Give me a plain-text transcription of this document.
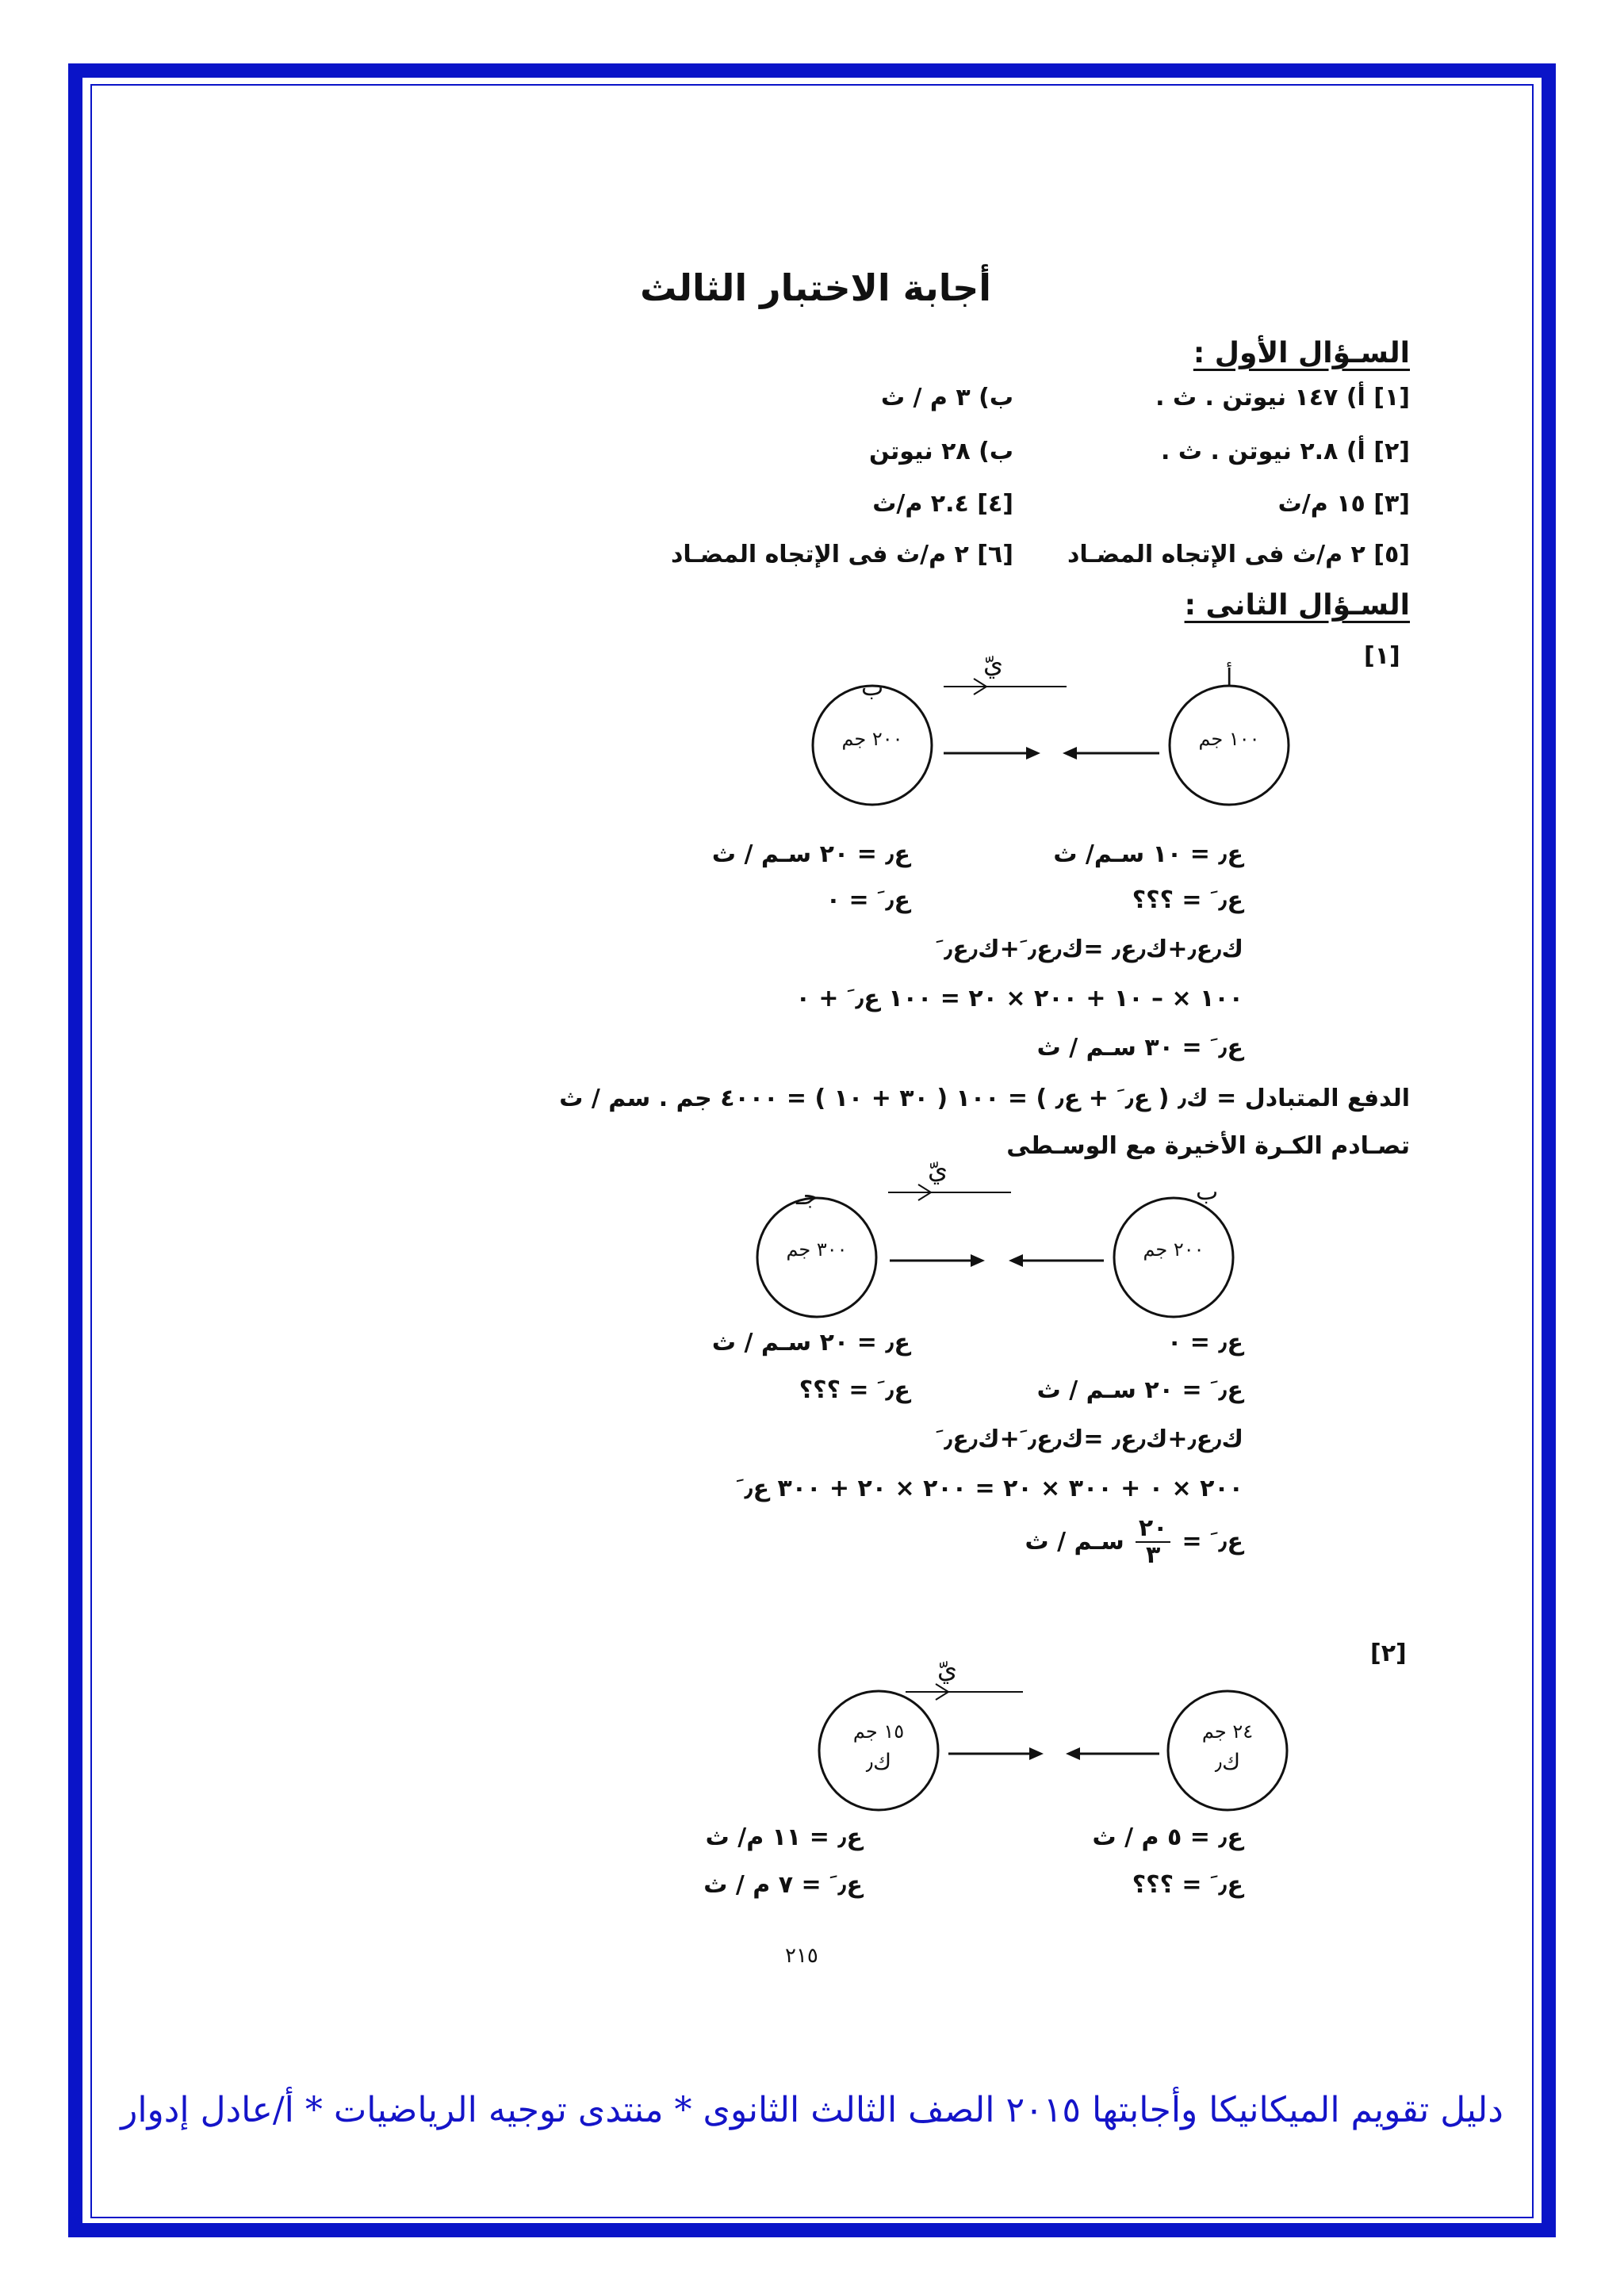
أجابة الاختبار الثالث
السـؤال الأول :
[١] أ) ١٤٧ نيوتن . ث .
ب) ٣ م / ث
[٢] أ) ٢.٨ نيوتن . ث .
ب) ٢٨ نيوتن
[٣] ١٥ م/ث
[٤] ٢.٤ م/ث
[٥] ٢ م/ث فى الإتجاه المضـاد
[٦] ٢ م/ث فى الإتجاه المضـاد
السـؤال الثانى :
[١]
يّ
ب	أ
٢٠٠ جم	١٠٠ جم
ع٫ = ٢٠ سـم / ث	ع٫ = ١٠ سـم/ ث
ع٫ َ = ٠	ع٫ َ = ؟؟؟
ك٫ع٫+ك٫ع٫ =ك٫ع٫ َ+ك٫ع٫ َ
١٠٠ × – ١٠ + ٢٠٠ × ٢٠ = ١٠٠ ع٫ َ + ٠
ع٫ َ = ٣٠ سـم / ث
الدفع المتبادل = ك٫ ( ع٫ َ + ع٫ ) = ١٠٠ ( ٣٠ + ١٠ ) = ٤٠٠٠ جم . سم / ث
تصـادم الكـرة الأخيرة مع الوسـطى
يّ
جـ	ب
٣٠٠ جم	٢٠٠ جم
ع٫ = ٢٠ سـم / ث	ع٫ = ٠
ع٫ َ = ؟؟؟	ع٫ َ = ٢٠ سـم / ث
ك٫ع٫+ك٫ع٫ =ك٫ع٫ َ+ك٫ع٫ َ
٢٠٠ × ٠ + ٣٠٠ × ٢٠ = ٢٠٠ × ٢٠ + ٣٠٠ ع٫ َ
ع٫ َ =
٢٠
٣
سـم / ث
[٢]
يّ
١٥ جم
ك٫
٢٤ جم
ك٫
ع٫ = ١١ م/ ث	ع٫ = ٥ م / ث
ع٫ َ = ٧ م / ث	ع٫ َ = ؟؟؟
٢١٥
دليل تقويم الميكانيكا وأجابتها ٢٠١٥ الصف الثالث الثانوى * منتدى توجيه الرياضيات * أ/عادل إدوار
